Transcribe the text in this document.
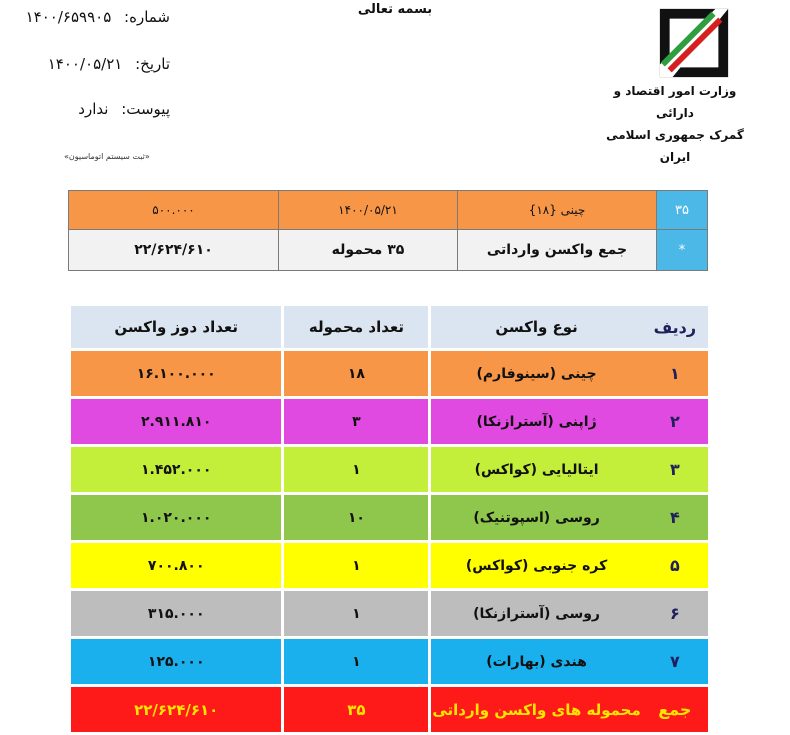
بسمه تعالی
شماره: ۱۴۰۰/۶۵۹۹۰۵
تاریخ: ۱۴۰۰/۰۵/۲۱
پیوست: ندارد
«ثبت سیستم اتوماسیون»
وزارت امور اقتصاد و دارائی
گمرک جمهوری اسلامی ایران
۳۵	چینی {۱۸}	۱۴۰۰/۰۵/۲۱	۵۰۰.۰۰۰
*	جمع واکسن وارداتی	۳۵ محموله	۲۲/۶۲۴/۶۱۰
ردیف	نوع واکسن	تعداد محموله	تعداد دوز واکسن
۱	چینی (سینوفارم)	۱۸	۱۶.۱۰۰.۰۰۰
۲	ژاپنی (آسترازنکا)	۳	۲.۹۱۱.۸۱۰
۳	ایتالیایی (کواکس)	۱	۱.۴۵۲.۰۰۰
۴	روسی (اسپوتنیک)	۱۰	۱.۰۲۰.۰۰۰
۵	کره جنوبی (کواکس)	۱	۷۰۰.۸۰۰
۶	روسی (آسترازنکا)	۱	۳۱۵.۰۰۰
۷	هندی (بهارات)	۱	۱۲۵.۰۰۰
جمع	محموله های واکسن وارداتی	۳۵	۲۲/۶۲۴/۶۱۰
